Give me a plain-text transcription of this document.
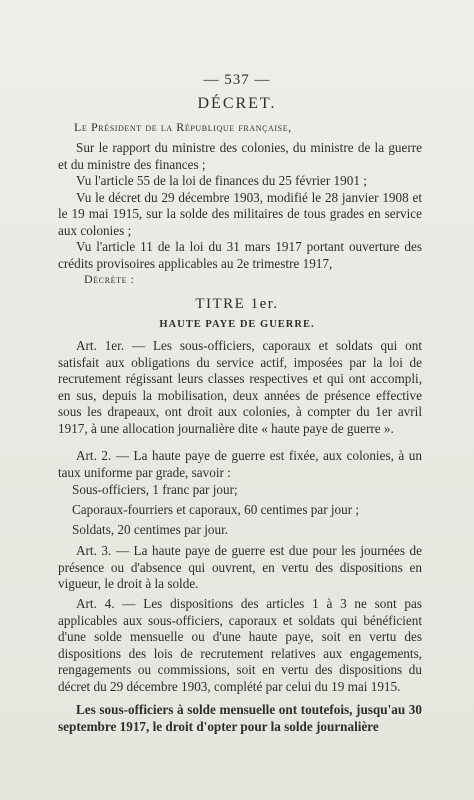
— 537 —
DÉCRET.
Le Président de la République française,

Sur le rapport du ministre des colonies, du ministre de la guerre et du ministre des finances ;

Vu l'article 55 de la loi de finances du 25 février 1901 ;

Vu le décret du 29 décembre 1903, modifié le 28 janvier 1908 et le 19 mai 1915, sur la solde des militaires de tous grades en service aux colonies ;

Vu l'article 11 de la loi du 31 mars 1917 portant ouverture des crédits provisoires applicables au 2e trimestre 1917,

Décrète :
TITRE 1er.
HAUTE PAYE DE GUERRE.

Art. 1er. — Les sous-officiers, caporaux et soldats qui ont satisfait aux obligations du service actif, imposées par la loi de recrutement régissant leurs classes respectives et qui ont accompli, en sus, depuis la mobilisation, deux années de présence effective sous les drapeaux, ont droit aux colonies, à compter du 1er avril 1917, à une allocation journalière dite « haute paye de guerre ».

Art. 2. — La haute paye de guerre est fixée, aux colonies, à un taux uniforme par grade, savoir :

Sous-officiers, 1 franc par jour;
Caporaux-fourriers et caporaux, 60 centimes par jour ;
Soldats, 20 centimes par jour.

Art. 3. — La haute paye de guerre est due pour les journées de présence ou d'absence qui ouvrent, en vertu des dispositions en vigueur, le droit à la solde.

Art. 4. — Les dispositions des articles 1 à 3 ne sont pas applicables aux sous-officiers, caporaux et soldats qui bénéficient d'une solde mensuelle ou d'une haute paye, soit en vertu des dispositions des lois de recrutement relatives aux engagements, rengagements ou commissions, soit en vertu des dispositions du décret du 29 décembre 1903, complété par celui du 19 mai 1915.

Les sous-officiers à solde mensuelle ont toutefois, jusqu'au 30 septembre 1917, le droit d'opter pour la solde journalière
